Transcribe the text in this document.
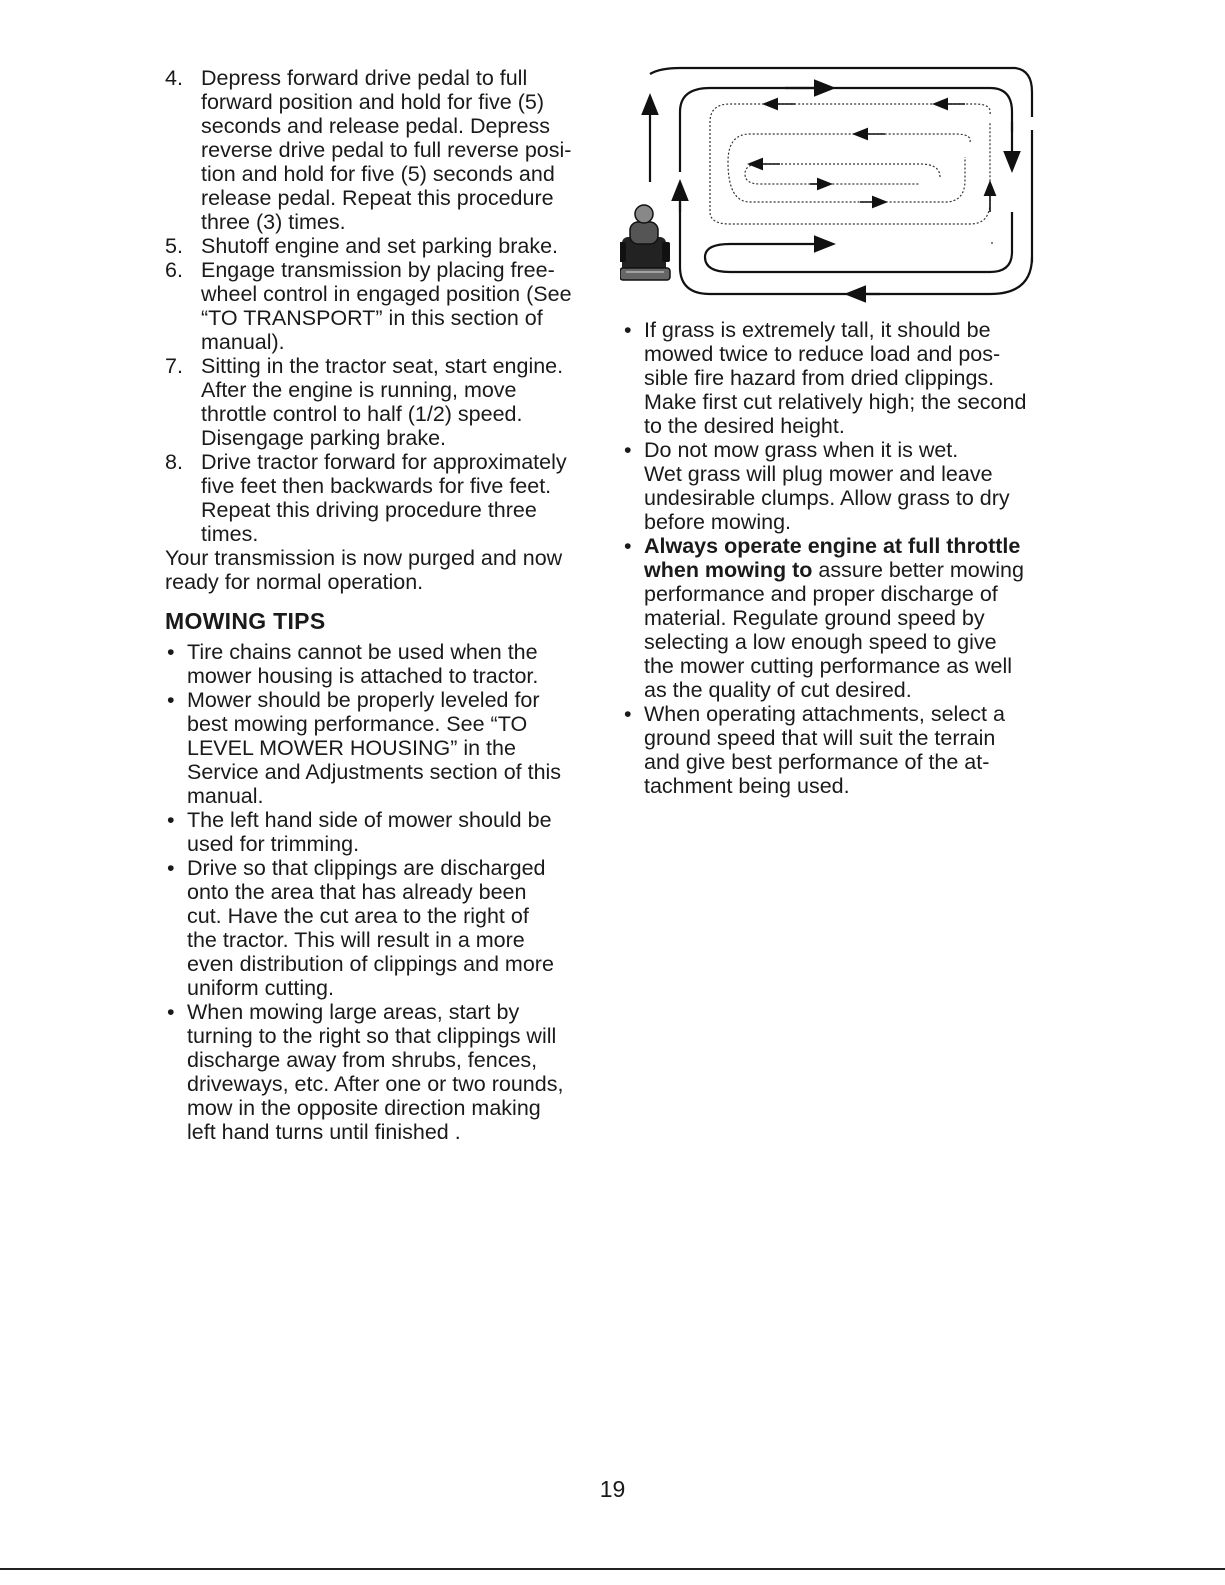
4. Depress forward drive pedal to full
forward position and hold for five (5)
seconds and release pedal. Depress
reverse drive pedal to full reverse posi-
tion and hold for five (5) seconds and
release pedal. Repeat this procedure
three (3) times.
5. Shutoff engine and set parking brake.
6. Engage transmission by placing free-
wheel control in engaged position (See
“TO TRANSPORT” in this section of
manual).
7. Sitting in the tractor seat, start engine.
After the engine is running, move
throttle control to half (1/2) speed.
Disengage parking brake.
8. Drive tractor forward for approximately
five feet then backwards for five feet.
Repeat this driving procedure three
times.

Your transmission is now purged and now
ready for normal operation.

MOWING TIPS
• Tire chains cannot be used when the
mower housing is attached to tractor.
• Mower should be properly leveled for
best mowing performance. See “TO
LEVEL MOWER HOUSING” in the
Service and Adjustments section of this
manual.
• The left hand side of mower should be
used for trimming.
• Drive so that clippings are discharged
onto the area that has already been
cut. Have the cut area to the right of
the tractor. This will result in a more
even distribution of clippings and more
uniform cutting.
• When mowing large areas, start by
turning to the right so that clippings will
discharge away from shrubs, fences,
driveways, etc. After one or two rounds,
mow in the opposite direction making
left hand turns until finished .
• If grass is extremely tall, it should be
mowed twice to reduce load and pos-
sible fire hazard from dried clippings.
Make first cut relatively high; the second
to the desired height.
• Do not mow grass when it is wet.
Wet grass will plug mower and leave
undesirable clumps. Allow grass to dry
before mowing.
• Always operate engine at full throttle
when mowing to assure better mowing
performance and proper discharge of
material. Regulate ground speed by
selecting a low enough speed to give
the mower cutting performance as well
as the quality of cut desired.
• When operating attachments, select a
ground speed that will suit the terrain
and give best performance of the at-
tachment being used.
19
